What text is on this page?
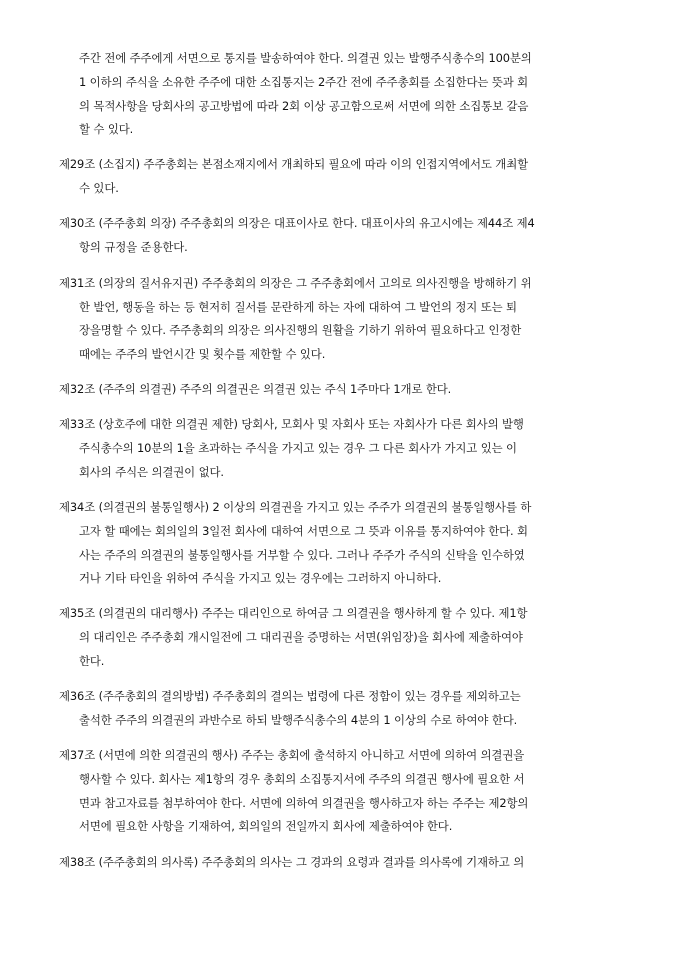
주간 전에 주주에게 서면으로 통지를 발송하여야 한다. 의결권 있는 발행주식총수의 100분의
1 이하의 주식을 소유한 주주에 대한 소집통지는 2주간 전에 주주총회를 소집한다는 뜻과 회
의 목적사항을 당회사의 공고방법에 따라 2회 이상 공고함으로써 서면에 의한 소집통보 갈음
할 수 있다.
제29조 (소집지) 주주총회는 본점소재지에서 개최하되 필요에 따라 이의 인접지역에서도 개최할
수 있다.
제30조 (주주총회 의장) 주주총회의 의장은 대표이사로 한다. 대표이사의 유고시에는 제44조 제4
항의 규정을 준용한다.
제31조 (의장의 질서유지권) 주주총회의 의장은 그 주주총회에서 고의로 의사진행을 방해하기 위
한 발언, 행동을 하는 등 현저히 질서를 문란하게 하는 자에 대하여 그 발언의 정지 또는 퇴
장을명할 수 있다. 주주총회의 의장은 의사진행의 원활을 기하기 위하여 필요하다고 인정한
때에는 주주의 발언시간 및 횟수를 제한할 수 있다.
제32조 (주주의 의결권) 주주의 의결권은 의결권 있는 주식 1주마다 1개로 한다.
제33조 (상호주에 대한 의결권 제한) 당회사, 모회사 및 자회사 또는 자회사가 다른 회사의 발행
주식총수의 10분의 1을 초과하는 주식을 가지고 있는 경우 그 다른 회사가 가지고 있는 이
회사의 주식은 의결권이 없다.
제34조 (의결권의 불통일행사) 2 이상의 의결권을 가지고 있는 주주가 의결권의 불통일행사를 하
고자 할 때에는 회의일의 3일전 회사에 대하여 서면으로 그 뜻과 이유를 통지하여야 한다. 회
사는 주주의 의결권의 불통일행사를 거부할 수 있다. 그러나 주주가 주식의 신탁을 인수하였
거나 기타 타인을 위하여 주식을 가지고 있는 경우에는 그러하지 아니하다.
제35조 (의결권의 대리행사) 주주는 대리인으로 하여금 그 의결권을 행사하게 할 수 있다. 제1항
의 대리인은 주주총회 개시일전에 그 대리권을 증명하는 서면(위임장)을 회사에 제출하여야
한다.
제36조 (주주총회의 결의방법) 주주총회의 결의는 법령에 다른 정함이 있는 경우를 제외하고는
출석한 주주의 의결권의 과반수로 하되 발행주식총수의 4분의 1 이상의 수로 하여야 한다.
제37조 (서면에 의한 의결권의 행사) 주주는 총회에 출석하지 아니하고 서면에 의하여 의결권을
행사할 수 있다. 회사는 제1항의 경우 총회의 소집통지서에 주주의 의결권 행사에 필요한 서
면과 참고자료를 첨부하여야 한다. 서면에 의하여 의결권을 행사하고자 하는 주주는 제2항의
서면에 필요한 사항을 기재하여, 회의일의 전일까지 회사에 제출하여야 한다.
제38조 (주주총회의 의사록) 주주총회의 의사는 그 경과의 요령과 결과를 의사록에 기재하고 의
